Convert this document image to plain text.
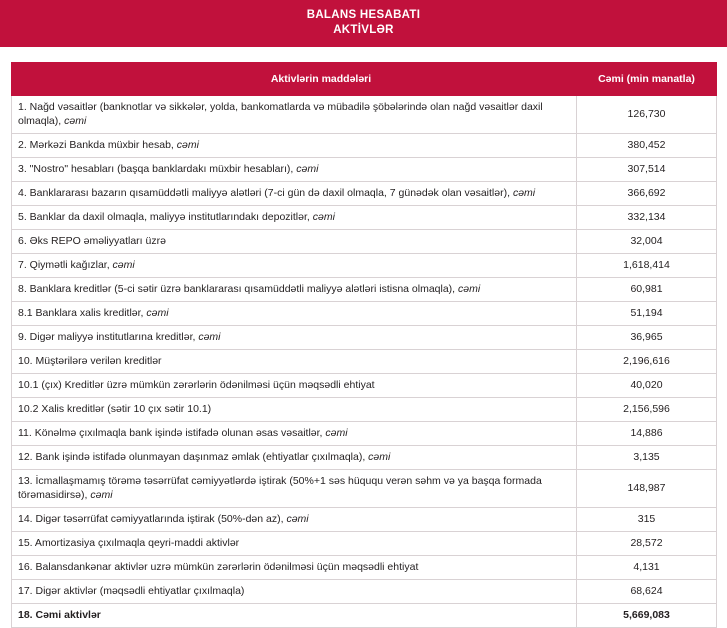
BALANS HESABATI
AKTİVLƏR
Aktivlərin maddələri	Cəmi (min manatla)
1. Nağd vəsaitlər (banknotlar və sikkələr, yolda, bankomatlarda və mübadilə şöbələrində olan nağd vəsaitlər daxil olmaqla), cəmi	126,730
2. Mərkəzi Bankda müxbir hesab, cəmi	380,452
3. "Nostro" hesabları (başqa banklardakı müxbir hesabları), cəmi	307,514
4. Banklararası bazarın qısamüddətli maliyyə alətləri (7-ci gün də daxil olmaqla, 7 günədək olan vəsaitlər), cəmi	366,692
5. Banklar da daxil olmaqla, maliyyə institutlarındakı depozitlər, cəmi	332,134
6. Əks REPO əməliyyatları üzrə	32,004
7. Qiymətli kağızlar, cəmi	1,618,414
8. Banklara kreditlər (5-ci sətir üzrə banklararası qısamüddətli maliyyə alətləri istisna olmaqla), cəmi	60,981
8.1 Banklara xalis kreditlər, cəmi	51,194
9. Digər maliyyə institutlarına kreditlər, cəmi	36,965
10. Müştərilərə verilən kreditlər	2,196,616
10.1 (çıx) Kreditlər üzrə mümkün zərərlərin ödənilməsi üçün məqsədli ehtiyat	40,020
10.2 Xalis kreditlər (sətir 10 çıx sətir 10.1)	2,156,596
11. Könəlmə çıxılmaqla bank işində istifadə olunan əsas vəsaitlər, cəmi	14,886
12. Bank işində istifadə olunmayan daşınmaz əmlak (ehtiyatlar çıxılmaqla), cəmi	3,135
13. İcmallaşmamış törəmə təsərrüfat cəmiyyətlərdə iştirak (50%+1 səs hüququ verən səhm və ya başqa formada törəmasidirsə), cəmi	148,987
14. Digər təsərrüfat cəmiyyatlarında iştirak (50%-dən az), cəmi	315
15. Amortizasiya çıxılmaqla qeyri-maddi aktivlər	28,572
16. Balansdankənar aktivlər uzrə mümkün zərərlərin ödənilməsi üçün məqsədli ehtiyat	4,131
17. Digər aktivlər (məqsədli ehtiyatlar çıxılmaqla)	68,624
18. Cəmi aktivlər	5,669,083
